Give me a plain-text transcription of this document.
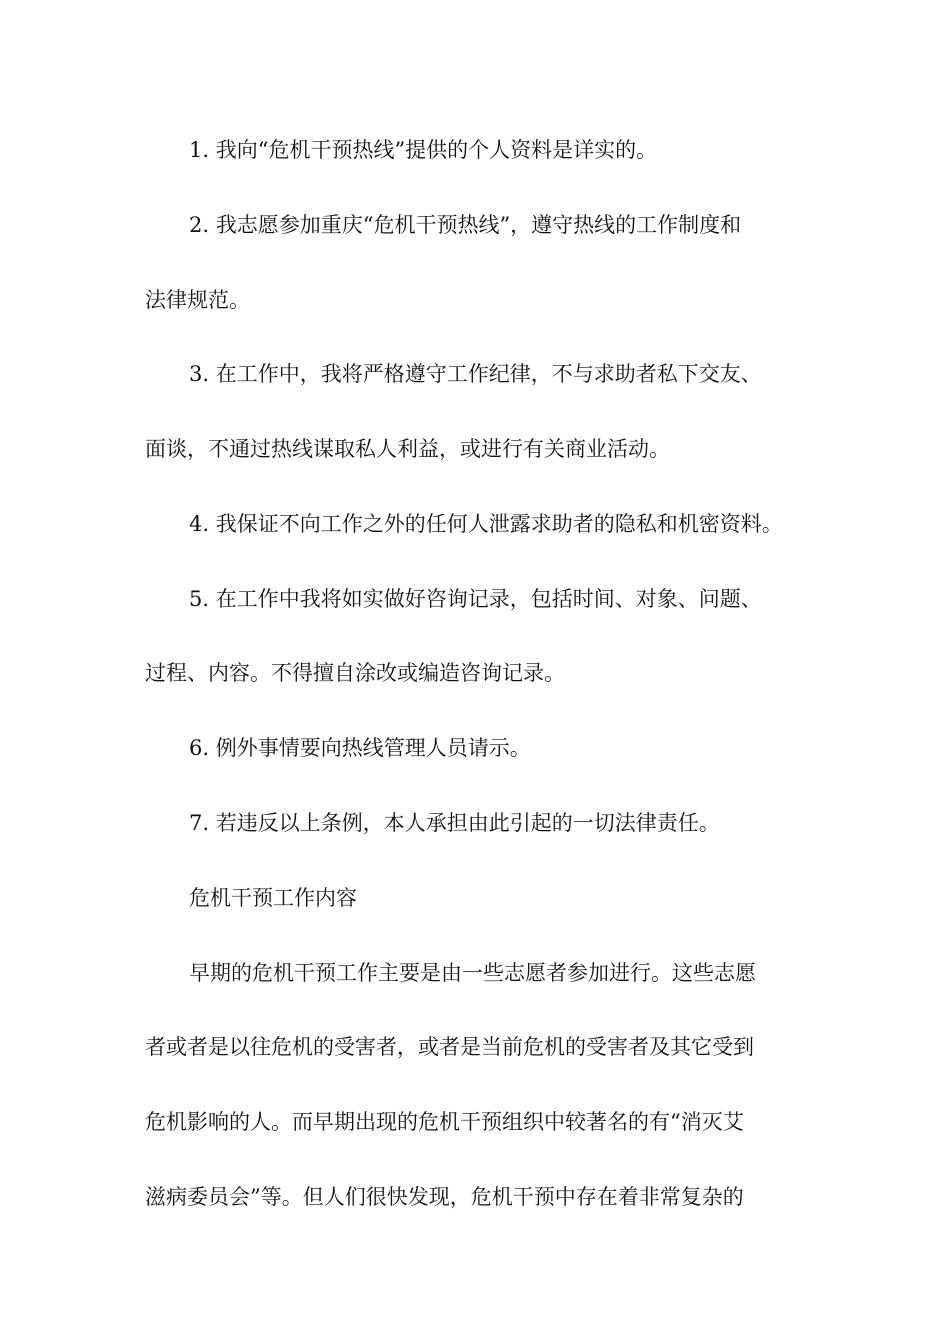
1. 我向“危机干预热线”提供的个人资料是详实的。
2. 我志愿参加重庆“危机干预热线”，遵守热线的工作制度和
法律规范。
3. 在工作中，我将严格遵守工作纪律，不与求助者私下交友、
面谈，不通过热线谋取私人利益，或进行有关商业活动。
4. 我保证不向工作之外的任何人泄露求助者的隐私和机密资料。
5. 在工作中我将如实做好咨询记录，包括时间、对象、问题、
过程、内容。不得擅自涂改或编造咨询记录。
6. 例外事情要向热线管理人员请示。
7. 若违反以上条例，本人承担由此引起的一切法律责任。
危机干预工作内容
早期的危机干预工作主要是由一些志愿者参加进行。这些志愿
者或者是以往危机的受害者，或者是当前危机的受害者及其它受到
危机影响的人。而早期出现的危机干预组织中较著名的有“消灭艾
滋病委员会”等。但人们很快发现，危机干预中存在着非常复杂的
